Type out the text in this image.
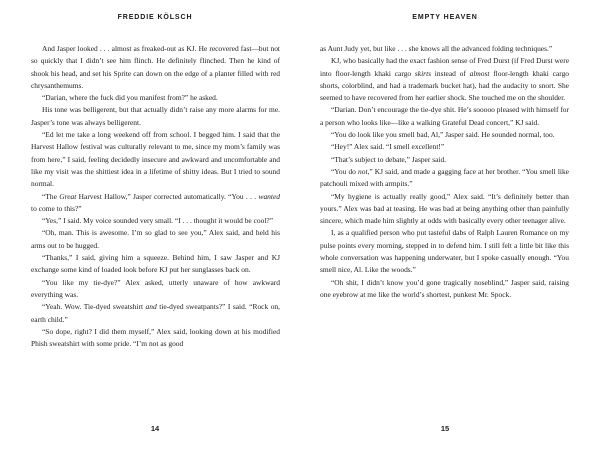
FREDDIE KÖLSCH

And Jasper looked . . . almost as freaked-out as KJ. He recovered fast—but not so quickly that I didn’t see him flinch. He definitely flinched. Then he kind of shook his head, and set his Sprite can down on the edge of a planter filled with red chrysanthemums.

“Darian, where the fuck did you manifest from?” he asked.

His tone was belligerent, but that actually didn’t raise any more alarms for me. Jasper’s tone was always belligerent.

“Ed let me take a long weekend off from school. I begged him. I said that the Harvest Hallow festival was culturally relevant to me, since my mom’s family was from here,” I said, feeling decidedly insecure and awkward and uncomfortable and like my visit was the shittiest idea in a lifetime of shitty ideas. But I tried to sound normal.

“The Great Harvest Hallow,” Jasper corrected automatically. “You . . . wanted to come to this?”

“Yes,” I said. My voice sounded very small. “I . . . thought it would be cool?”

“Oh, man. This is awesome. I’m so glad to see you,” Alex said, and held his arms out to be hugged.

“Thanks,” I said, giving him a squeeze. Behind him, I saw Jasper and KJ exchange some kind of loaded look before KJ put her sunglasses back on.

“You like my tie-dye?” Alex asked, utterly unaware of how awkward everything was.

“Yeah. Wow. Tie-dyed sweatshirt and tie-dyed sweatpants?” I said. “Rock on, earth child.”

“So dope, right? I did them myself,” Alex said, looking down at his modified Phish sweatshirt with some pride. “I’m not as good

14
EMPTY HEAVEN

as Aunt Judy yet, but like . . . she knows all the advanced folding techniques.”

KJ, who basically had the exact fashion sense of Fred Durst (if Fred Durst were into floor-length khaki cargo skirts instead of almost floor-length khaki cargo shorts, colorblind, and had a trademark bucket hat), had the audacity to snort. She seemed to have recovered from her earlier shock. She touched me on the shoulder.

“Darian. Don’t encourage the tie-dye shit. He’s sooooo pleased with himself for a person who looks like—like a walking Grateful Dead concert,” KJ said.

“You do look like you smell bad, Al,” Jasper said. He sounded normal, too.

“Hey!” Alex said. “I smell excellent!”

“That’s subject to debate,” Jasper said.

“You do not,” KJ said, and made a gagging face at her brother. “You smell like patchouli mixed with armpits.”

“My hygiene is actually really good,” Alex said. “It’s definitely better than yours.” Alex was bad at teasing. He was bad at being anything other than painfully sincere, which made him slightly at odds with basically every other teenager alive.

I, as a qualified person who put tasteful dabs of Ralph Lauren Romance on my pulse points every morning, stepped in to defend him. I still felt a little bit like this whole conversation was happening underwater, but I spoke casually enough. “You smell nice, Al. Like the woods.”

“Oh shit, I didn’t know you’d gone tragically noseblind,” Jasper said, raising one eyebrow at me like the world’s shortest, punkest Mr. Spock.

15
